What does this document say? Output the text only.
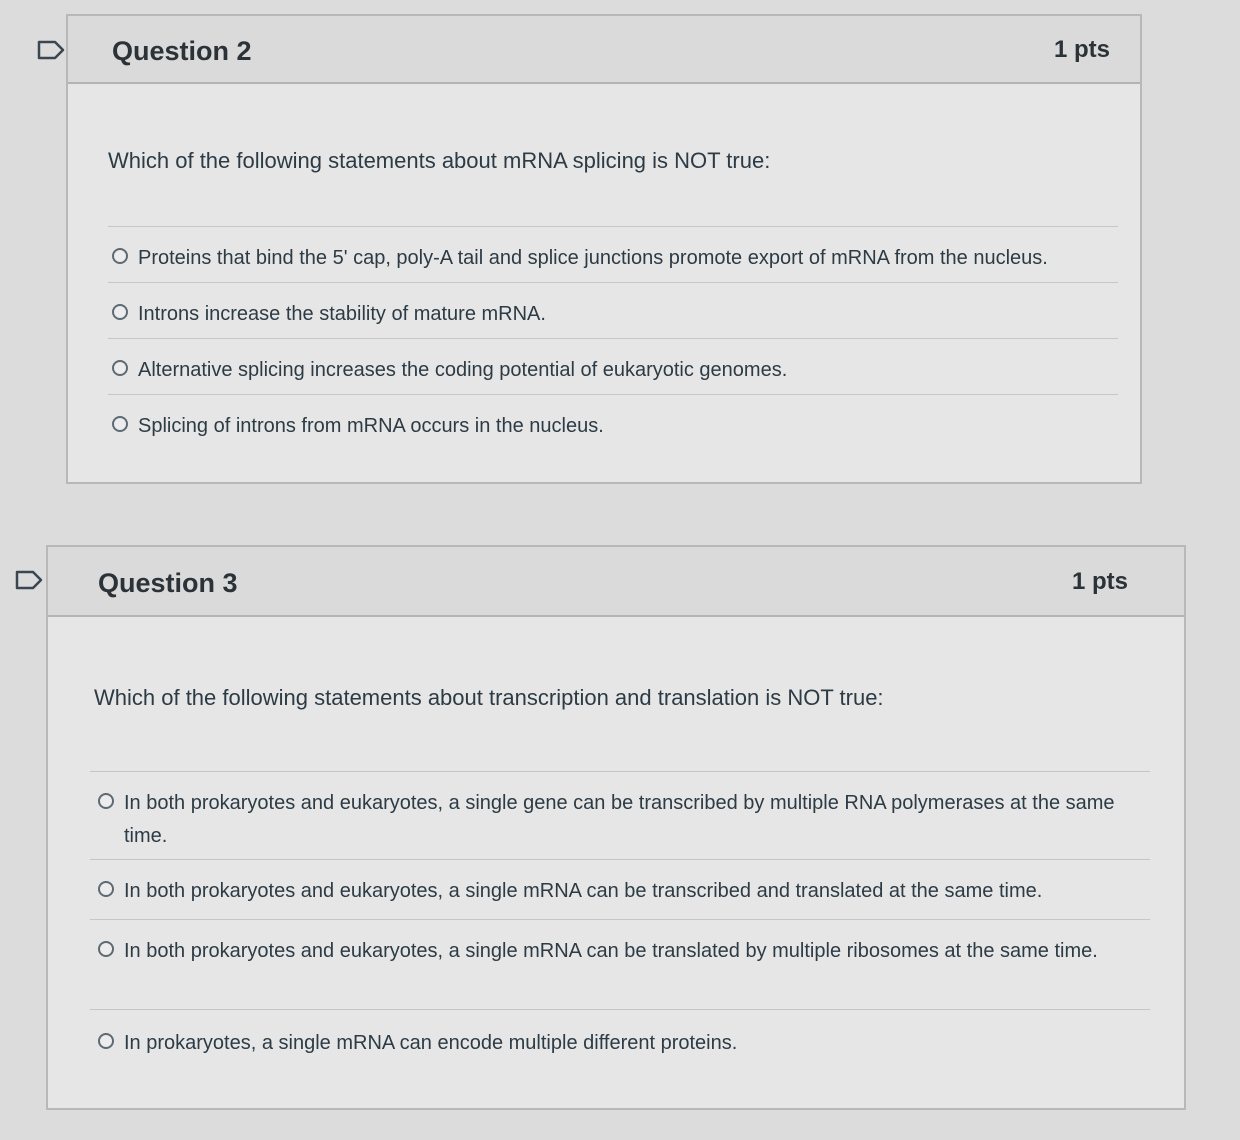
Question 2	1 pts
Which of the following statements about mRNA splicing is NOT true:
Proteins that bind the 5' cap, poly-A tail and splice junctions promote export of mRNA from the nucleus.
Introns increase the stability of mature mRNA.
Alternative splicing increases the coding potential of eukaryotic genomes.
Splicing of introns from mRNA occurs in the nucleus.
Question 3	1 pts
Which of the following statements about transcription and translation is NOT true:
In both prokaryotes and eukaryotes, a single gene can be transcribed by multiple RNA polymerases at the same time.
In both prokaryotes and eukaryotes, a single mRNA can be transcribed and translated at the same time.
In both prokaryotes and eukaryotes, a single mRNA can be translated by multiple ribosomes at the same time.
In prokaryotes, a single mRNA can encode multiple different proteins.
